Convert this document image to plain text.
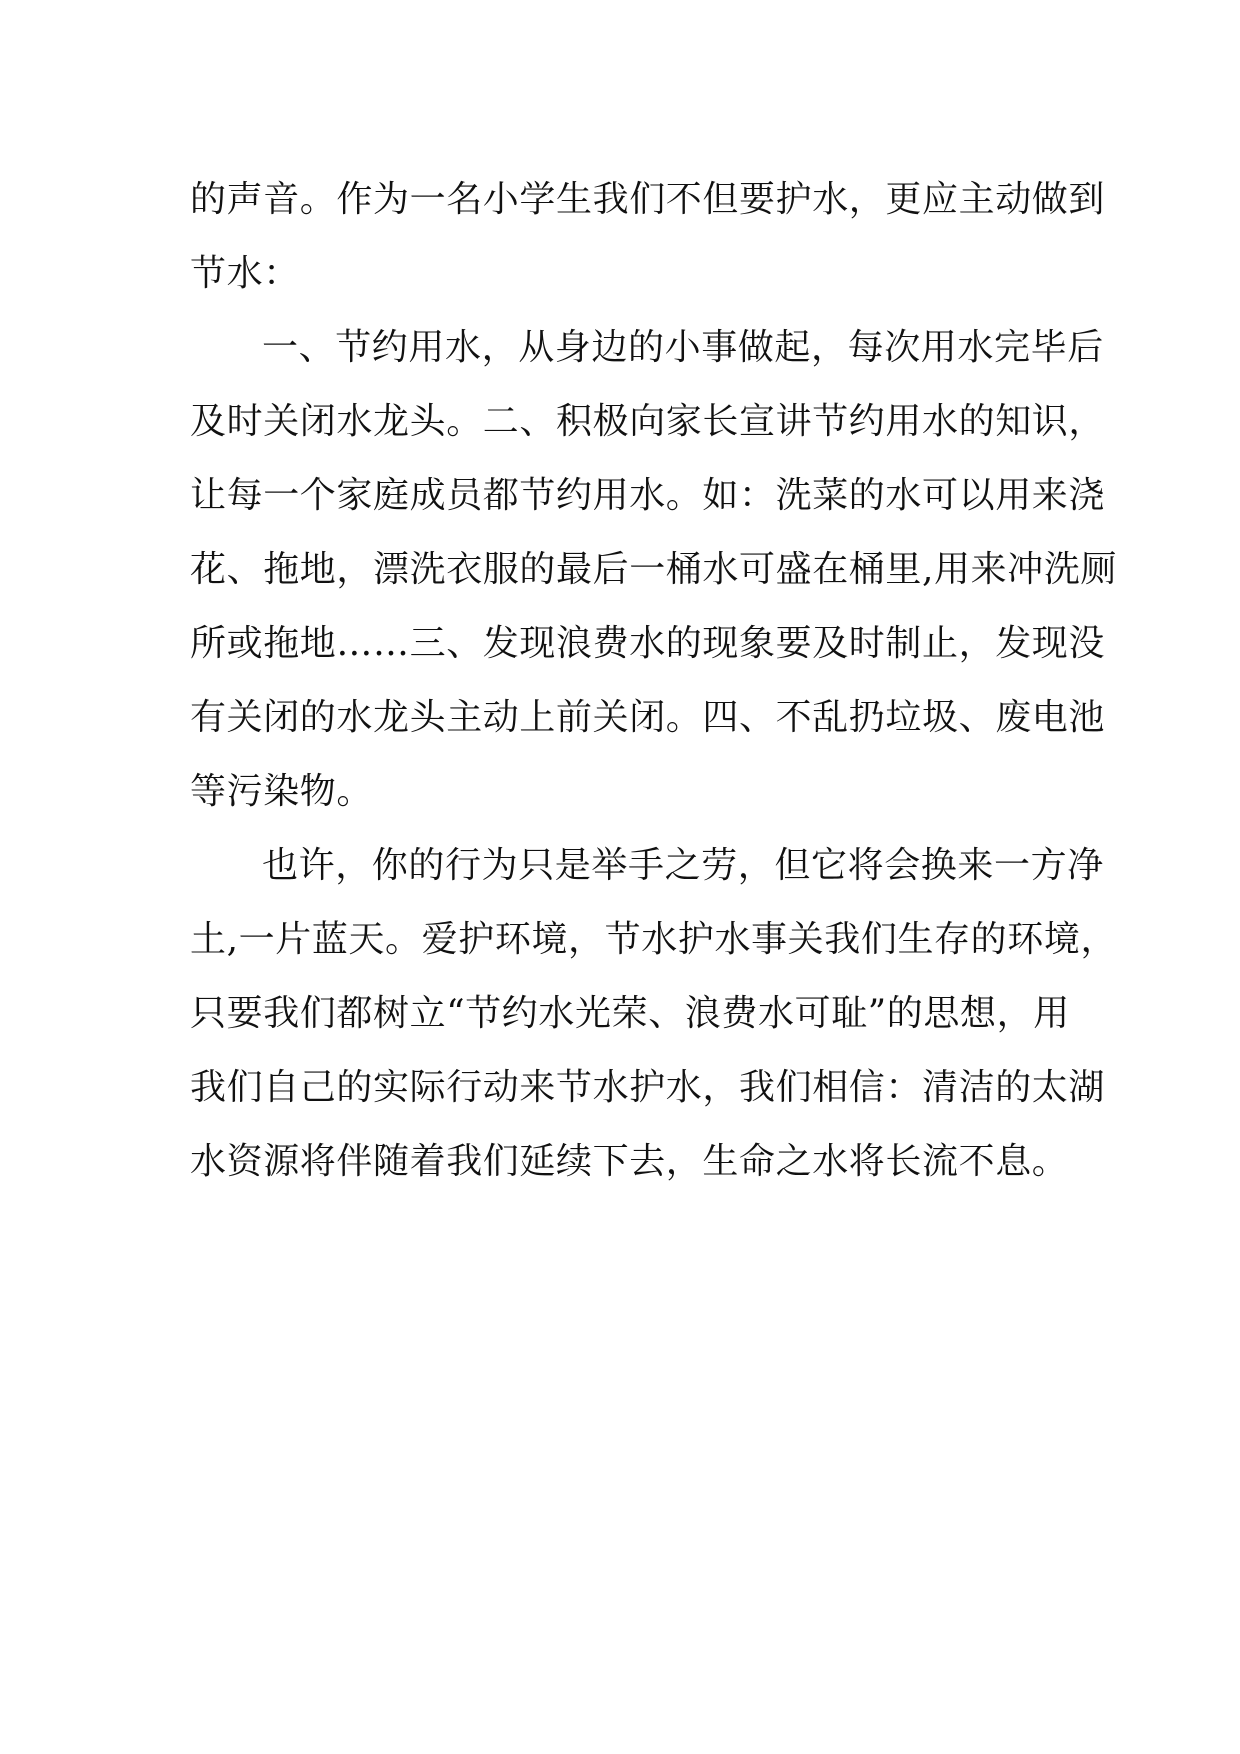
的声音。作为一名小学生我们不但要护水，更应主动做到
节水：
一、节约用水，从身边的小事做起，每次用水完毕后
及时关闭水龙头。二、积极向家长宣讲节约用水的知识，
让每一个家庭成员都节约用水。如：洗菜的水可以用来浇
花、拖地，漂洗衣服的最后一桶水可盛在桶里,用来冲洗厕
所或拖地……三、发现浪费水的现象要及时制止，发现没
有关闭的水龙头主动上前关闭。四、不乱扔垃圾、废电池
等污染物。
也许，你的行为只是举手之劳，但它将会换来一方净
土,一片蓝天。爱护环境，节水护水事关我们生存的环境，
只要我们都树立“节约水光荣、浪费水可耻”的思想，用
我们自己的实际行动来节水护水，我们相信：清洁的太湖
水资源将伴随着我们延续下去，生命之水将长流不息。
